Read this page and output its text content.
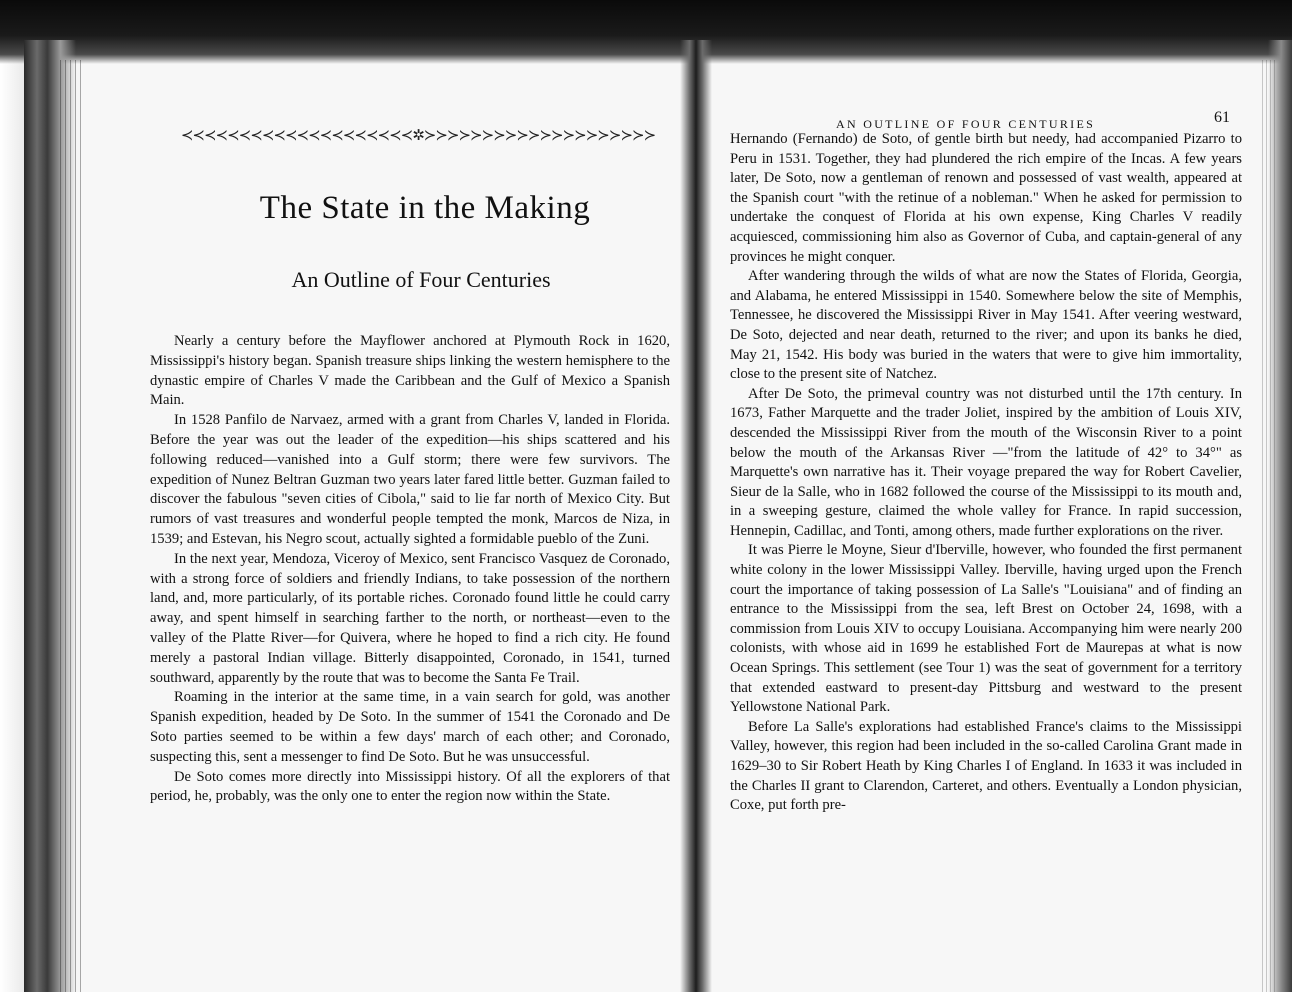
≺≺≺≺≺≺≺≺≺≺≺≺≺≺≺≺≺≺≺≺✲≻≻≻≻≻≻≻≻≻≻≻≻≻≻≻≻≻≻≻≻
The State in the Making
An Outline of Four Centuries

Nearly a century before the Mayflower anchored at Plymouth Rock in 1620, Mississippi's history began. Spanish treasure ships linking the western hemisphere to the dynastic empire of Charles V made the Caribbean and the Gulf of Mexico a Spanish Main.

In 1528 Panfilo de Narvaez, armed with a grant from Charles V, landed in Florida. Before the year was out the leader of the expedition—his ships scattered and his following reduced—vanished into a Gulf storm; there were few survivors. The expedition of Nunez Beltran Guzman two years later fared little better. Guzman failed to discover the fabulous "seven cities of Cibola," said to lie far north of Mexico City. But rumors of vast treasures and wonderful people tempted the monk, Marcos de Niza, in 1539; and Estevan, his Negro scout, actually sighted a formidable pueblo of the Zuni.

In the next year, Mendoza, Viceroy of Mexico, sent Francisco Vasquez de Coronado, with a strong force of soldiers and friendly Indians, to take possession of the northern land, and, more particularly, of its portable riches. Coronado found little he could carry away, and spent himself in searching farther to the north, or northeast—even to the valley of the Platte River—for Quivera, where he hoped to find a rich city. He found merely a pastoral Indian village. Bitterly disappointed, Coronado, in 1541, turned southward, apparently by the route that was to become the Santa Fe Trail.

Roaming in the interior at the same time, in a vain search for gold, was another Spanish expedition, headed by De Soto. In the summer of 1541 the Coronado and De Soto parties seemed to be within a few days' march of each other; and Coronado, suspecting this, sent a messenger to find De Soto. But he was unsuccessful.

De Soto comes more directly into Mississippi history. Of all the explorers of that period, he, probably, was the only one to enter the region now within the State.

AN OUTLINE OF FOUR CENTURIES	61

Hernando (Fernando) de Soto, of gentle birth but needy, had accompanied Pizarro to Peru in 1531. Together, they had plundered the rich empire of the Incas. A few years later, De Soto, now a gentleman of renown and possessed of vast wealth, appeared at the Spanish court "with the retinue of a nobleman." When he asked for permission to undertake the conquest of Florida at his own expense, King Charles V readily acquiesced, commissioning him also as Governor of Cuba, and captain-general of any provinces he might conquer.

After wandering through the wilds of what are now the States of Florida, Georgia, and Alabama, he entered Mississippi in 1540. Somewhere below the site of Memphis, Tennessee, he discovered the Mississippi River in May 1541. After veering westward, De Soto, dejected and near death, returned to the river; and upon its banks he died, May 21, 1542. His body was buried in the waters that were to give him immortality, close to the present site of Natchez.

After De Soto, the primeval country was not disturbed until the 17th century. In 1673, Father Marquette and the trader Joliet, inspired by the ambition of Louis XIV, descended the Mississippi River from the mouth of the Wisconsin River to a point below the mouth of the Arkansas River —"from the latitude of 42° to 34°" as Marquette's own narrative has it. Their voyage prepared the way for Robert Cavelier, Sieur de la Salle, who in 1682 followed the course of the Mississippi to its mouth and, in a sweeping gesture, claimed the whole valley for France. In rapid succession, Hennepin, Cadillac, and Tonti, among others, made further explorations on the river.

It was Pierre le Moyne, Sieur d'Iberville, however, who founded the first permanent white colony in the lower Mississippi Valley. Iberville, having urged upon the French court the importance of taking possession of La Salle's "Louisiana" and of finding an entrance to the Mississippi from the sea, left Brest on October 24, 1698, with a commission from Louis XIV to occupy Louisiana. Accompanying him were nearly 200 colonists, with whose aid in 1699 he established Fort de Maurepas at what is now Ocean Springs. This settlement (see Tour 1) was the seat of government for a territory that extended eastward to present-day Pittsburg and westward to the present Yellowstone National Park.

Before La Salle's explorations had established France's claims to the Mississippi Valley, however, this region had been included in the so-called Carolina Grant made in 1629–30 to Sir Robert Heath by King Charles I of England. In 1633 it was included in the Charles II grant to Clarendon, Carteret, and others. Eventually a London physician, Coxe, put forth pre-
